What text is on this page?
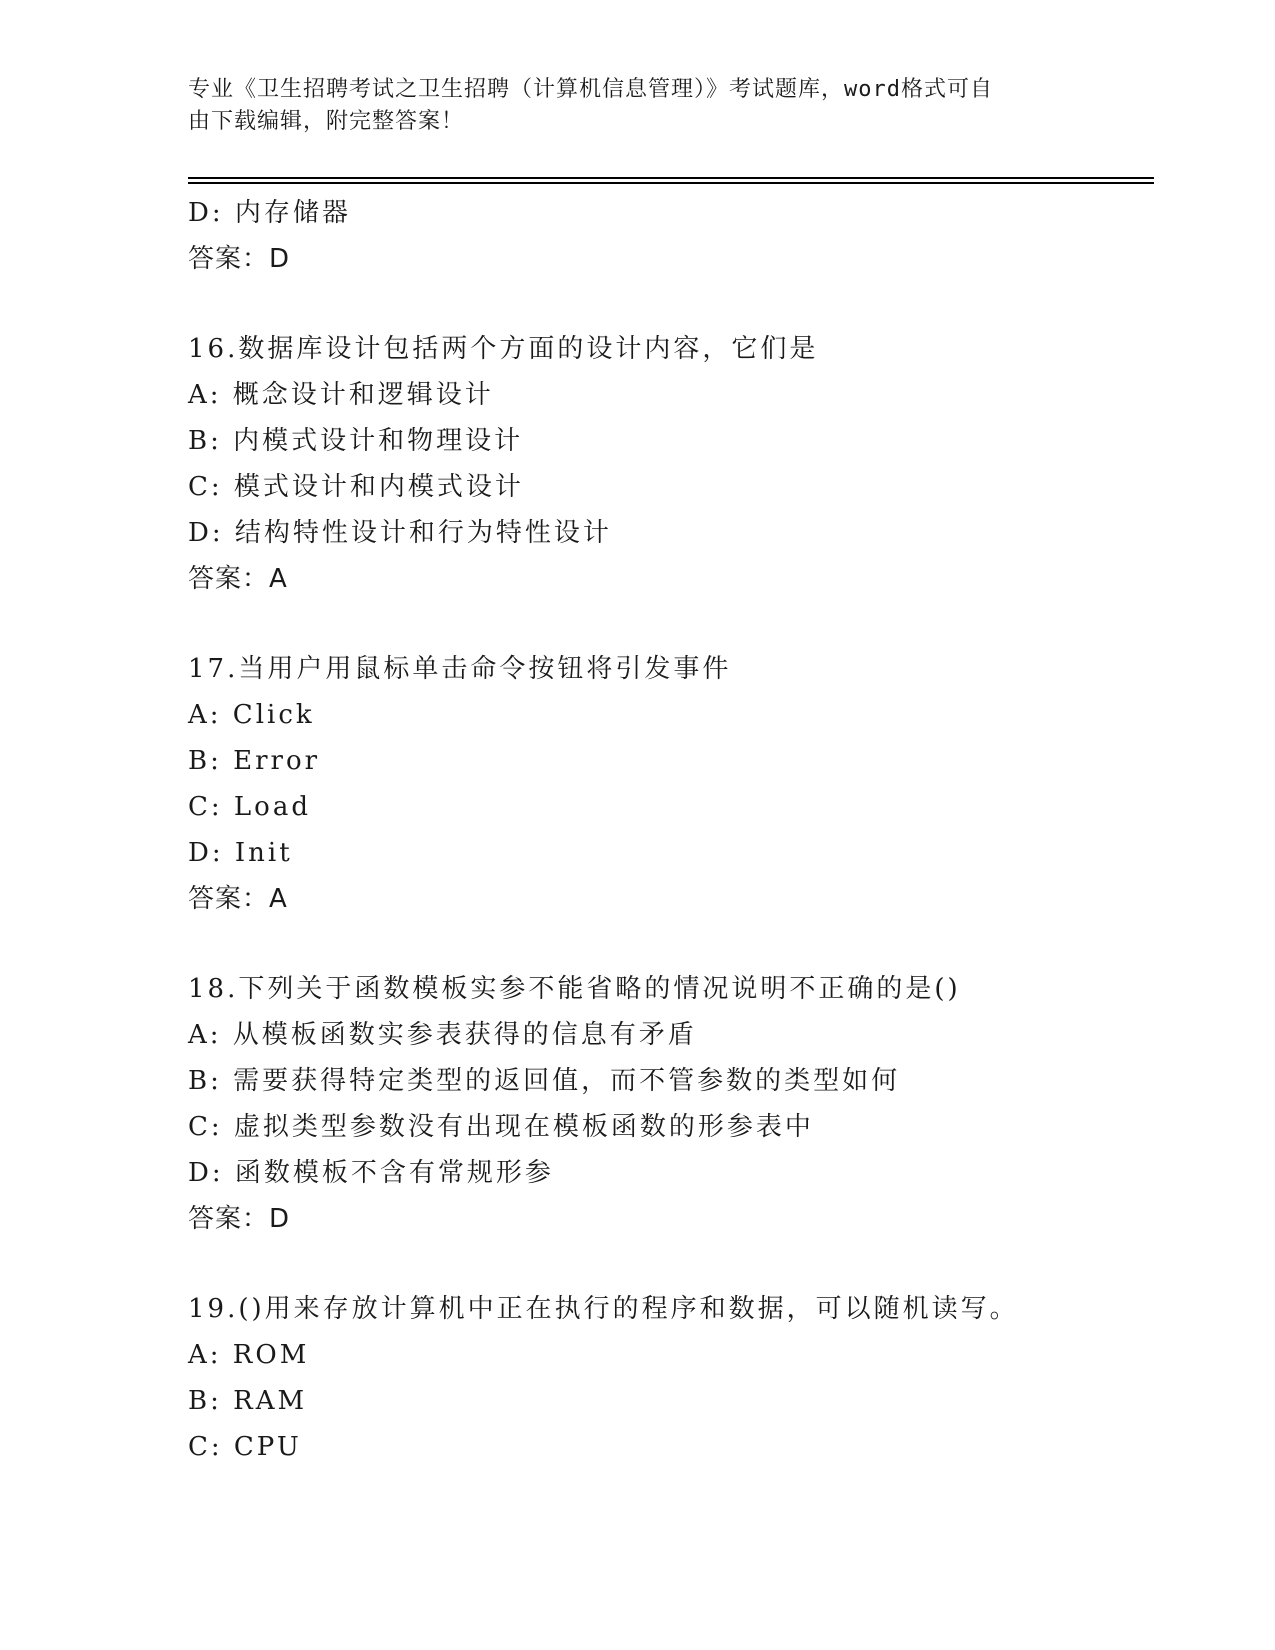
专业《卫生招聘考试之卫生招聘（计算机信息管理）》考试题库，word格式可自
由下载编辑，附完整答案！
D: 内存储器
答案：D
16.数据库设计包括两个方面的设计内容，它们是
A: 概念设计和逻辑设计
B: 内模式设计和物理设计
C: 模式设计和内模式设计
D: 结构特性设计和行为特性设计
答案：A
17.当用户用鼠标单击命令按钮将引发事件
A: Click
B: Error
C: Load
D: Init
答案：A
18.下列关于函数模板实参不能省略的情况说明不正确的是()
A: 从模板函数实参表获得的信息有矛盾
B: 需要获得特定类型的返回值，而不管参数的类型如何
C: 虚拟类型参数没有出现在模板函数的形参表中
D: 函数模板不含有常规形参
答案：D
19.()用来存放计算机中正在执行的程序和数据，可以随机读写。
A: ROM
B: RAM
C: CPU
